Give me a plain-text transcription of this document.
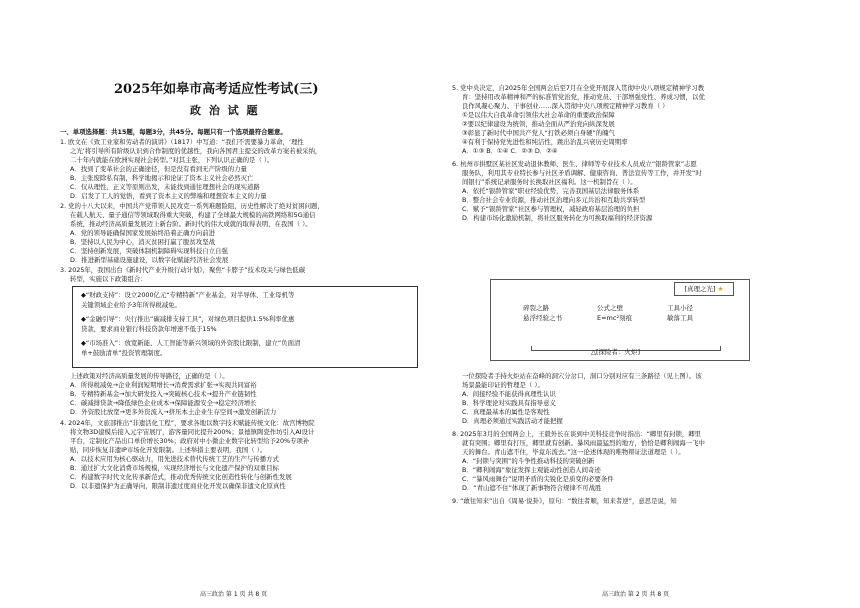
2025年如皋市高考适应性考试(三)
政 治 试 题
一、单项选择题：共15题，每题3分，共45分。每题只有一个选项最符合题意。
1. 欧文在《致工业家和劳动者的演讲》（1817）中写道：“我们不需要暴力革命，‘理性
之光’将引导所有阶级认识到合作制度的优越性，我向各国君主提交的改革方案若被采纳，
二十年内就能在欧洲实现社会转型。”对其主张，下列认识正确的是（ ）。
A．找到了变革社会的正确途径，但是没有看到无产阶级的力量
B．主张废除私有制，科学地揭示和论证了资本主义社会必然灭亡
C．仅从理性、正义等原则出发，未能找到通往理想社会的现实道路
D．启发了工人的觉悟，看到了资本主义的弊端和理想资本主义的力量
2. 党的十八大以来，中国共产党带领人民攻克一系列难题险阻，历史性解决了绝对贫困问题，
在载人航天、量子通信等领域取得重大突破，构建了全球最大规模的高铁网络和5G通信
系统，推动经济高质量发展迈上新台阶。新时代的伟大成就的取得表明，在我国（ ）。
A．党的领导能确保国家发展始终沿着正确方向前进
B．坚持以人民为中心，消灭贫困打赢了脱贫攻坚战
C．坚持创新发展，突破体制机制障碍实现科技自立自强
D．推进新型基础设施建设，以数字化赋能经济社会发展
3. 2025年，我国出台《新时代产业升级行动计划》，聚焦“卡脖子”技术攻关与绿色低碳
转型，实施以下政策组合：
◆“财政支持”：设立2000亿元“专精特新”产业基金，对半导体、工业母机等
关键领域企业给予3年所得税减免。
◆“金融引导”：央行推出“碳减排支持工具”，对绿色项目提供1.5%利率优惠
贷款，要求商业银行科技贷款年增速不低于15%
◆“市场准入”：放宽新能、人工智能等新兴领域的外资股比限制，建立“负面清
单+鼓励清单”投资管理制度。
上述政策对经济高质量发展的传导路径，正确的是（ ）。
A．所得税减免→企业利润短期增长→消费需求扩张→实现共同富裕
B．专精特新基金→加大研发投入→突破核心技术→提升产业链韧性
C．碳减排贷款→降低绿色企业成本→保障能源安全→稳定经济增长
D．外资股比放宽→更多外资流入→挤压本土企业生存空间→激发创新活力
4. 2024年，文旅部推出“非遗活化工程”，要求各地以数字技术赋能传统文化：故宫博物院
将文物3D建模后接入元宇宙展厅，游客量同比提升200%；景德镇陶瓷作坊引入AI设计
平台，定制化产品出口单价增长30%；政府对中小微企业数字化转型给予20%专项补
贴，同步恢复非遗IP市场化开发限制。上述举措主要表明，我国（ ）。
A．以技术应用为核心驱动力，用先进技术替代传统工艺的生产与传播方式
B．通过扩大文化消费市场规模，实现经济增长与文化遗产保护的双重目标
C．构建数字时代文化传承新范式，推动优秀传统文化创造性转化与创新性发展
D．以非遗保护为正确导向，限制非遗过度商业化开发以确保非遗文化原真性
高三政治 第 1 页 共 8 页
5. 党中央决定，自2025年全国两会后至7月在全党开展深入贯彻中央八项规定精神学习教
育：坚持用改革精神和严的标准管党治党，推动党员、干部增强党性、养成习惯，以优
良作风凝心聚力、干事创业……深入贯彻中央八项规定精神学习教育（ ）
①是以伟大自我革命引领伟大社会革命的重要政治保障
②要以纪律建设为统领，推动全面从严治党向纵深发展
③彰显了新时代中国共产党人“打铁必须自身硬”的魄气
④有利于保持党先进性和纯洁性，跳出治乱兴衰历史周期率
A．①③ B．①④ C．②③ D．②④
6. 杭州市拱墅区某社区发动退休教师、医生、律师等专业技术人员成立“银龄管家”志愿
服务队，利用其专业特长参与社区矛盾调解、健康咨询、普法宣传等工作，并开发“时
间银行”系统记录服务时长换取社区福利。这一机制旨在（ ）。
A．依托“银龄管家”职业经验优势，完善我国基层法律服务体系
B．整合社会专业资源，推动社区治理向多元共治和互助共享转型
C．赋予“银龄管家”社区参与管理权，减轻政府基层治理的负担
D．构建市场化激励机制，将社区服务转化为可换取福利的经济资源
一位探险者手持火炬站在奋峰的洞穴分岔口，洞口分别对应有三条路径（见上图）。该
场景最能印证的哲理是（ ）。
A．间接经验不能获得真理性认识
B．科学理论对实践具有指导意义
C．真理最基本的属性是客观性
D．真理必须通过实践活动才能把握
8. 2025年3月的全国两会上，王毅外长在谈到中美科技竞争时指出：“卿里有封锁，卿里
就有突围；卿里有打压，卿里就有创新。暴风雨最猛烈的地方，恰恰是卿利闹海一飞中
天的舞台。青山遮不住，毕竟东流去。”这一论述体现的唯物辩证法道理是（ ）。
A．“封锁与突围”的斗争性推动科技的突破创新
B．“卿利闹海”象征发挥主观能动性创造人间奇迹
C．“暴风雨舞台”说明矛盾的尖锐化是质变的必要条件
D．“青山遮不住”体现了新事物符合规律不可战胜
9. “敢往知来”出自《周易·说卦》，原句：“数往者顺，知来者逆”，意思是说，知
高三政治 第 2 页 共 8 页
[真理之光] ★
碎裂之路
悬浮经验之书
公式之壁
E=mc²刻痕
工具小径
敏落工具
△[探险者：火炬]
